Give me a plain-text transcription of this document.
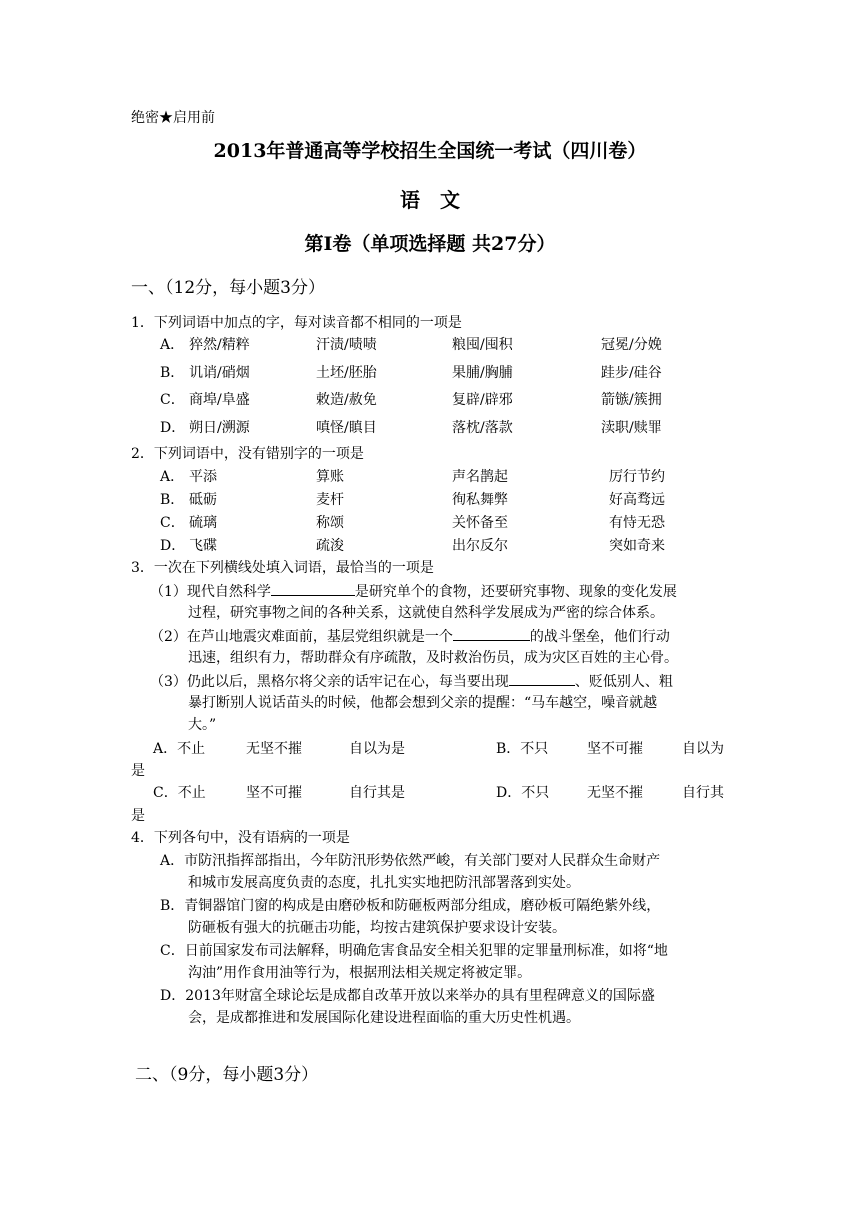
绝密★启用前
2013年普通高等学校招生全国统一考试（四川卷）
语　文
第Ⅰ卷（单项选择题 共27分）
一、（12分，每小题3分）
1．下列词语中加点的字，每对读音都不相同的一项是
A． 猝然/精粹	汗渍/啧啧	粮囤/囤积	冠冕/分娩
B． 讥诮/硝烟	土坯/胚胎	果脯/胸脯	跬步/硅谷
C． 商埠/阜盛	敕造/赦免	复辟/辟邪	箭镞/簇拥
D． 朔日/溯源	嗔怪/瞋目	落枕/落款	渎职/赎罪
2．下列词语中，没有错别字的一项是
A． 平添	算账	声名鹊起	厉行节约
B． 砥砺	麦杆	徇私舞弊	好高骛远
C． 硫璃	称颂	关怀备至	有恃无恐
D． 飞碟	疏浚	出尔反尔	突如奇来
3．一次在下列横线处填入词语，最恰当的一项是
（1）现代自然科学	是研究单个的食物，还要研究事物、现象的变化发展
过程，研究事物之间的各种关系，这就使自然科学发展成为严密的综合体系。
（2）在芦山地震灾难面前，基层党组织就是一个	的战斗堡垒，他们行动
迅速，组织有力，帮助群众有序疏散，及时救治伤员，成为灾区百姓的主心骨。
（3）仍此以后，黑格尔将父亲的话牢记在心，每当要出现	、贬低别人、粗
暴打断别人说话苗头的时候，他都会想到父亲的提醒：“马车越空，噪音就越
大。”
A．不止	无坚不摧	自以为是	B．不只	坚不可摧	自以为
是
C．不止	坚不可摧	自行其是	D．不只	无坚不摧	自行其
是
4．下列各句中，没有语病的一项是
A．市防汛指挥部指出，今年防汛形势依然严峻，有关部门要对人民群众生命财产
和城市发展高度负责的态度，扎扎实实地把防汛部署落到实处。
B．青铜器馆门窗的构成是由磨砂板和防砸板两部分组成，磨砂板可隔绝紫外线，
防砸板有强大的抗砸击功能，均按古建筑保护要求设计安装。
C．日前国家发布司法解释，明确危害食品安全相关犯罪的定罪量刑标准，如将“地
沟油”用作食用油等行为，根据刑法相关规定将被定罪。
D．2013年财富全球论坛是成都自改革开放以来举办的具有里程碑意义的国际盛
会，是成都推进和发展国际化建设进程面临的重大历史性机遇。
二、（9分，每小题3分）
